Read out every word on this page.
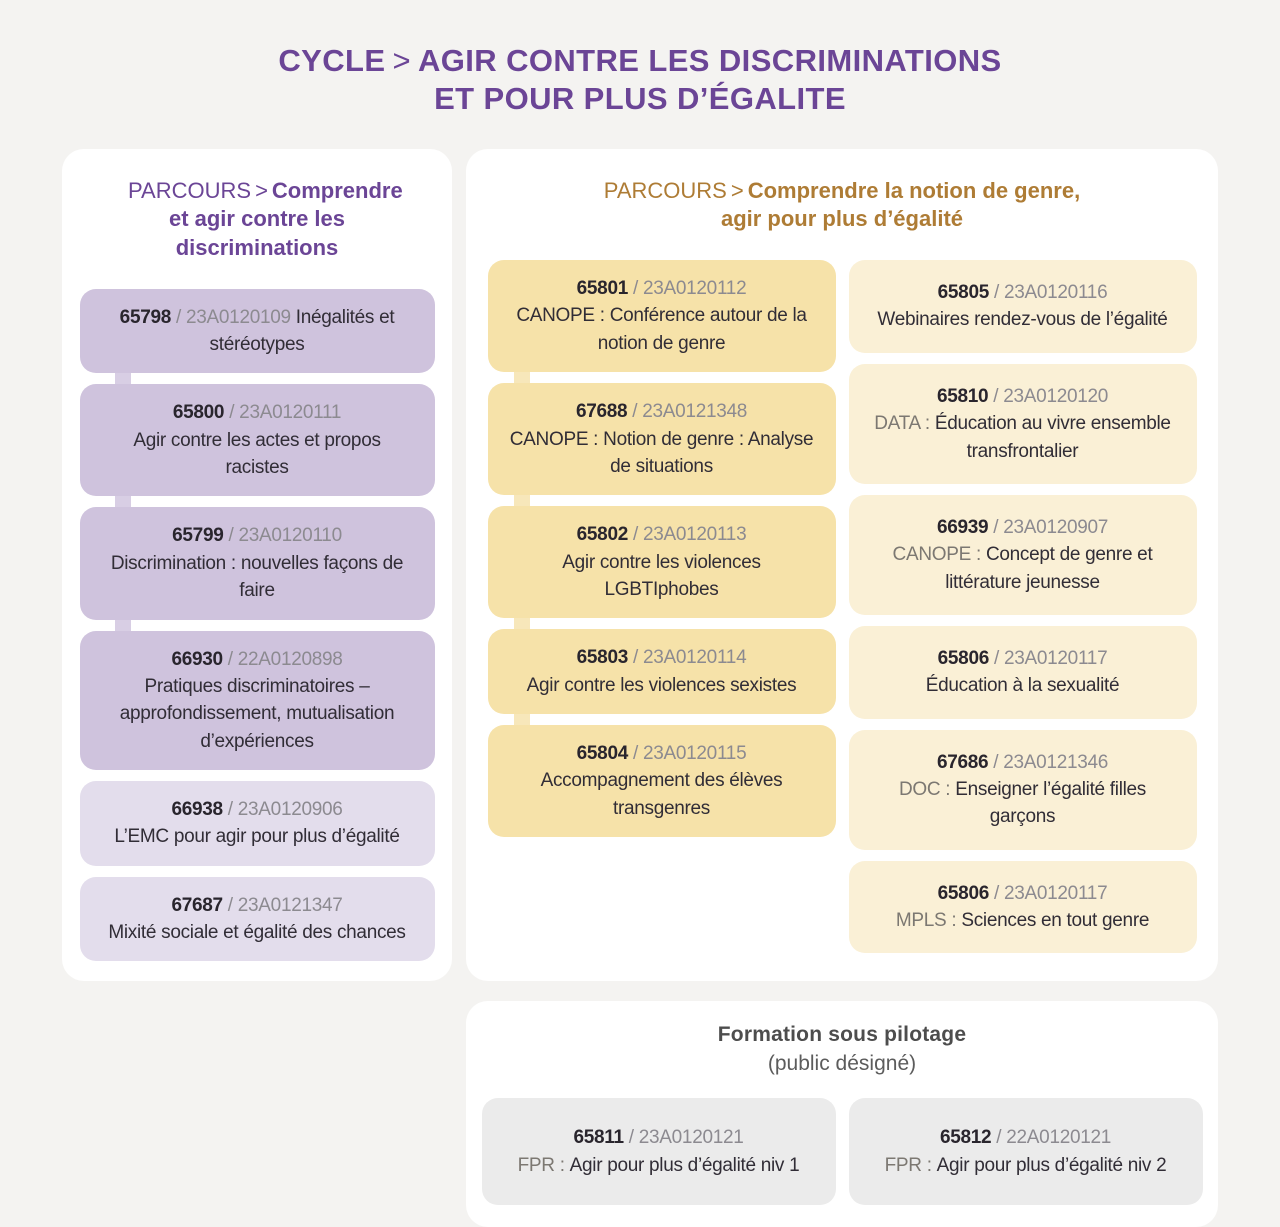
CYCLE > AGIR CONTRE LES DISCRIMINATIONS
ET POUR PLUS D’ÉGALITE
PARCOURS > Comprendre et agir contre les discriminations
65798 / 23A0120109 Inégalités et stéréotypes
65800 / 23A0120111
Agir contre les actes et propos racistes
65799 / 23A0120110
Discrimination : nouvelles façons de faire
66930 / 22A0120898
Pratiques discriminatoires – approfondissement, mutualisation d’expériences
66938 / 23A0120906
L’EMC pour agir pour plus d’égalité
67687 / 23A0121347
Mixité sociale et égalité des chances
PARCOURS > Comprendre la notion de genre, agir pour plus d’égalité
65801 / 23A0120112
CANOPE : Conférence autour de la notion de genre
67688 / 23A0121348
CANOPE : Notion de genre : Analyse de situations
65802 / 23A0120113
Agir contre les violences LGBTIphobes
65803 / 23A0120114
Agir contre les violences sexistes
65804 / 23A0120115
Accompagnement des élèves transgenres
65805 / 23A0120116
Webinaires rendez-vous de l’égalité
65810 / 23A0120120
DATA : Éducation au vivre ensemble transfrontalier
66939 / 23A0120907
CANOPE : Concept de genre et littérature jeunesse
65806 / 23A0120117
Éducation à la sexualité
67686 / 23A0121346
DOC : Enseigner l’égalité filles garçons
65806 / 23A0120117
MPLS : Sciences en tout genre
Formation sous pilotage
(public désigné)
65811 / 23A0120121
FPR : Agir pour plus d’égalité niv 1
65812 / 22A0120121
FPR : Agir pour plus d’égalité niv 2
